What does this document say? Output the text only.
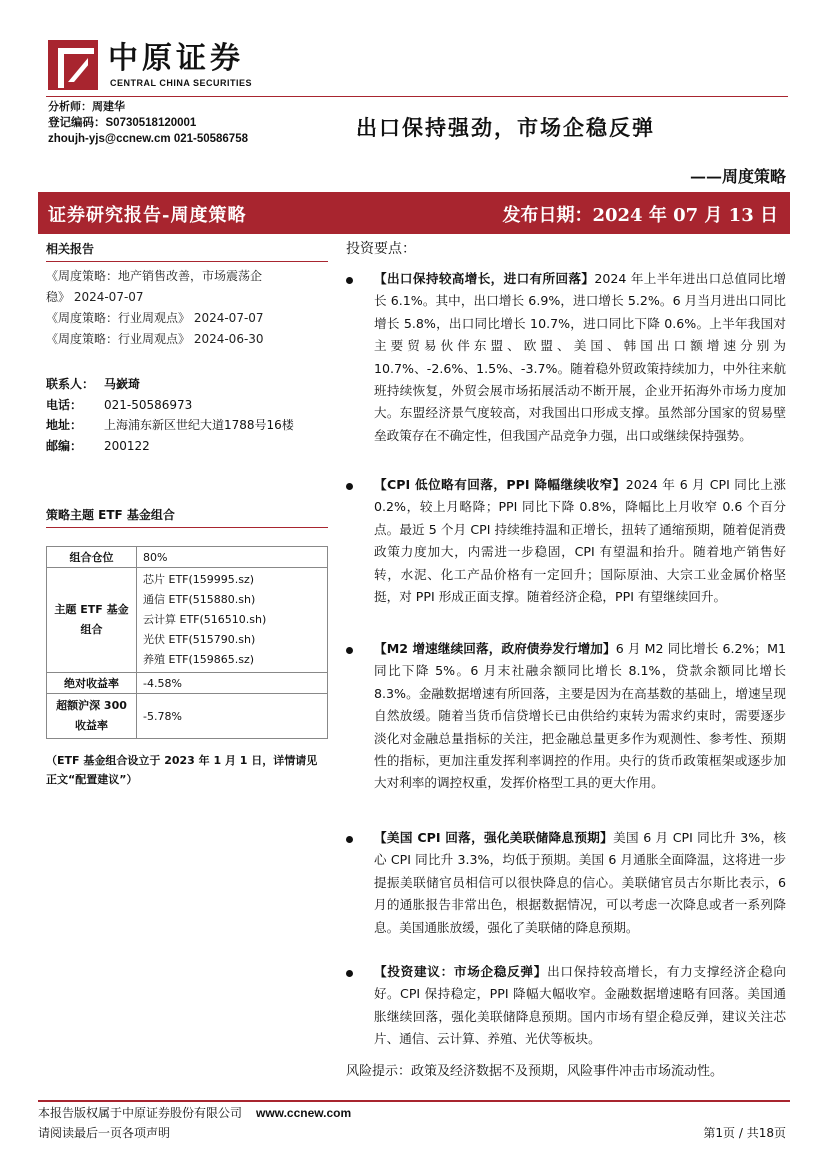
中原证券
CENTRAL CHINA SECURITIES
分析师：周建华
登记编码：S0730518120001
zhoujh-yjs@ccnew.cm 021-50586758	出口保持强劲，市场企稳反弹
——周度策略
证券研究报告-周度策略	发布日期：2024 年 07 月 13 日
相关报告
《周度策略：地产销售改善，市场震荡企
稳》 2024-07-07
《周度策略：行业周观点》 2024-07-07
《周度策略：行业周观点》 2024-06-30
联系人： 马嶔琦
电话： 021-50586973
地址： 上海浦东新区世纪大道1788号16楼
邮编： 200122
策略主题 ETF 基金组合
组合仓位	80%
主题 ETF 基金组合	芯片 ETF(159995.sz)
通信 ETF(515880.sh)
云计算 ETF(516510.sh)
光伏 ETF(515790.sh)
养殖 ETF(159865.sz)

绝对收益率	-4.58%
超额沪深 300 收益率	-5.78%
（ETF 基金组合设立于 2023 年 1 月 1 日，详情请见正文“配置建议”）
投资要点：
【出口保持较高增长，进口有所回落】2024 年上半年进出口总值同比增长 6.1%。其中，出口增长 6.9%，进口增长 5.2%。6 月当月进出口同比增长 5.8%，出口同比增长 10.7%，进口同比下降 0.6%。上半年我国对主要贸易伙伴东盟、欧盟、美国、韩国出口额增速分别为 10.7%、-2.6%、1.5%、-3.7%。随着稳外贸政策持续加力，中外往来航班持续恢复，外贸会展市场拓展活动不断开展，企业开拓海外市场力度加大。东盟经济景气度较高，对我国出口形成支撑。虽然部分国家的贸易壁垒政策存在不确定性，但我国产品竞争力强，出口或继续保持强势。
【CPI 低位略有回落，PPI 降幅继续收窄】2024 年 6 月 CPI 同比上涨 0.2%，较上月略降；PPI 同比下降 0.8%，降幅比上月收窄 0.6 个百分点。最近 5 个月 CPI 持续维持温和正增长，扭转了通缩预期，随着促消费政策力度加大，内需进一步稳固，CPI 有望温和抬升。随着地产销售好转，水泥、化工产品价格有一定回升；国际原油、大宗工业金属价格坚挺，对 PPI 形成正面支撑。随着经济企稳，PPI 有望继续回升。
【M2 增速继续回落，政府债券发行增加】6 月 M2 同比增长 6.2%；M1 同比下降 5%。6 月末社融余额同比增长 8.1%，贷款余额同比增长 8.3%。金融数据增速有所回落，主要是因为在高基数的基础上，增速呈现自然放缓。随着当货币信贷增长已由供给约束转为需求约束时，需要逐步淡化对金融总量指标的关注，把金融总量更多作为观测性、参考性、预期性的指标，更加注重发挥利率调控的作用。央行的货币政策框架或逐步加大对利率的调控权重，发挥价格型工具的更大作用。
【美国 CPI 回落，强化美联储降息预期】美国 6 月 CPI 同比升 3%，核心 CPI 同比升 3.3%，均低于预期。美国 6 月通胀全面降温，这将进一步提振美联储官员相信可以很快降息的信心。美联储官员古尔斯比表示，6 月的通胀报告非常出色，根据数据情况，可以考虑一次降息或者一系列降息。美国通胀放缓，强化了美联储的降息预期。
【投资建议：市场企稳反弹】出口保持较高增长，有力支撑经济企稳向好。CPI 保持稳定，PPI 降幅大幅收窄。金融数据增速略有回落。美国通胀继续回落，强化美联储降息预期。国内市场有望企稳反弹，建议关注芯片、通信、云计算、养殖、光伏等板块。
风险提示：政策及经济数据不及预期，风险事件冲击市场流动性。
本报告版权属于中原证券股份有限公司 www.ccnew.com
请阅读最后一页各项声明	第1页 / 共18页
